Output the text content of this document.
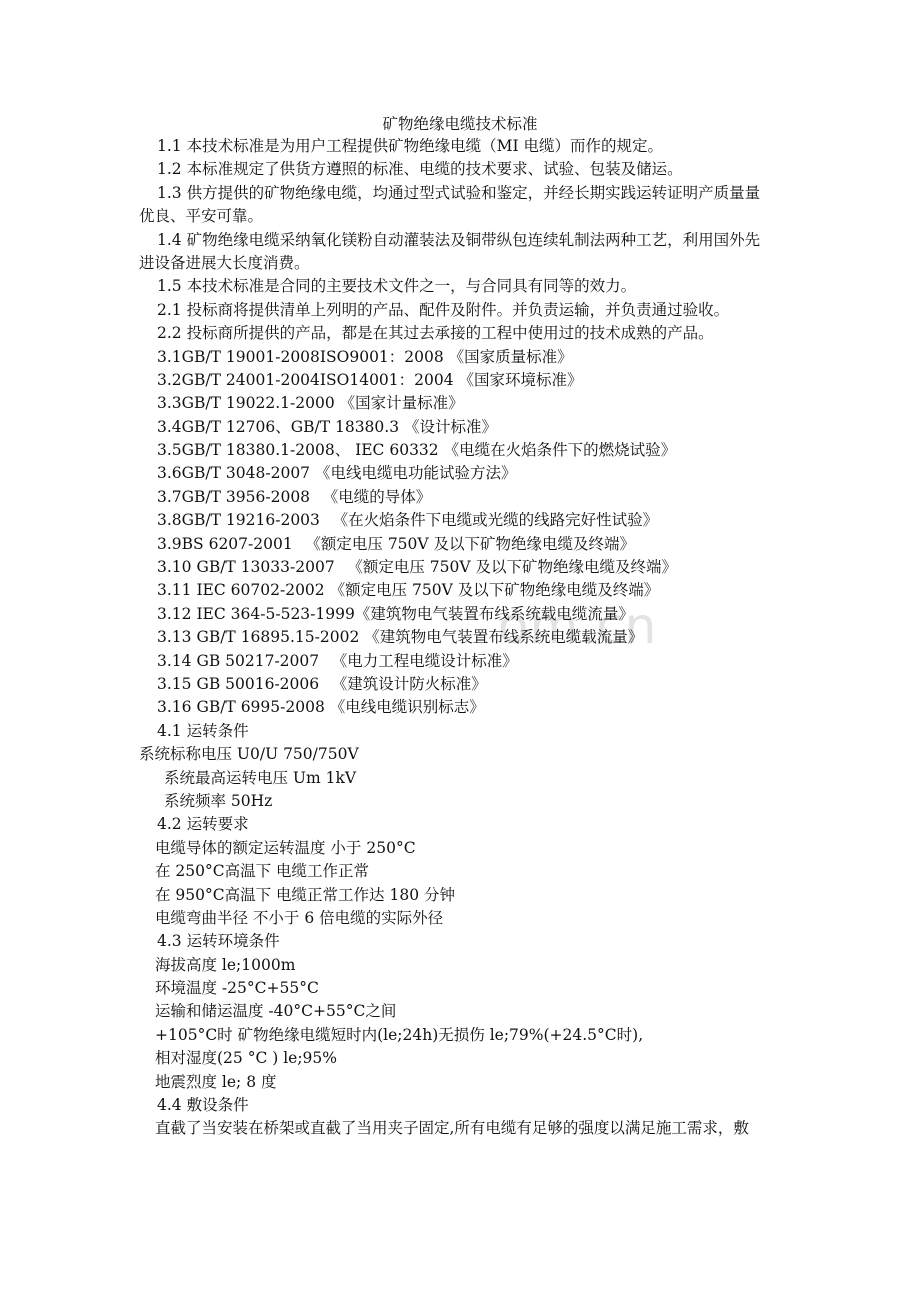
om.cn
矿物绝缘电缆技术标准
1.1 本技术标准是为用户工程提供矿物绝缘电缆（MI 电缆）而作的规定。
1.2 本标准规定了供货方遵照的标准、电缆的技术要求、试验、包装及储运。
1.3 供方提供的矿物绝缘电缆，均通过型式试验和鉴定，并经长期实践运转证明产质量量
优良、平安可靠。
1.4 矿物绝缘电缆采纳氧化镁粉自动灌装法及铜带纵包连续轧制法两种工艺，利用国外先
进设备进展大长度消费。
1.5 本技术标准是合同的主要技术文件之一，与合同具有同等的效力。
2.1 投标商将提供清单上列明的产品、配件及附件。并负责运输，并负责通过验收。
2.2 投标商所提供的产品，都是在其过去承接的工程中使用过的技术成熟的产品。
3.1GB/T 19001-2008ISO9001：2008 《国家质量标准》
3.2GB/T 24001-2004ISO14001：2004 《国家环境标准》
3.3GB/T 19022.1-2000 《国家计量标准》
3.4GB/T 12706、GB/T 18380.3 《设计标准》
3.5GB/T 18380.1-2008、 IEC 60332 《电缆在火焰条件下的燃烧试验》
3.6GB/T 3048-2007 《电线电缆电功能试验方法》
3.7GB/T 3956-2008 　《电缆的导体》
3.8GB/T 19216-2003 　《在火焰条件下电缆或光缆的线路完好性试验》
3.9BS 6207-2001 　《额定电压 750V 及以下矿物绝缘电缆及终端》
3.10 GB/T 13033-2007 　《额定电压 750V 及以下矿物绝缘电缆及终端》
3.11 IEC 60702-2002 《额定电压 750V 及以下矿物绝缘电缆及终端》
3.12 IEC 364-5-523-1999《建筑物电气装置布线系统载电缆流量》
3.13 GB/T 16895.15-2002 《建筑物电气装置布线系统电缆载流量》
3.14 GB 50217-2007 　《电力工程电缆设计标准》
3.15 GB 50016-2006 　《建筑设计防火标准》
3.16 GB/T 6995-2008 《电线电缆识别标志》
4.1 运转条件
系统标称电压 U0/U 750/750V
系统最高运转电压 Um 1kV
系统频率 50Hz
4.2 运转要求
电缆导体的额定运转温度 小于 250°C
在 250°C高温下 电缆工作正常
在 950°C高温下 电缆正常工作达 180 分钟
电缆弯曲半径 不小于 6 倍电缆的实际外径
4.3 运转环境条件
海拔高度 le;1000m
环境温度 -25°C+55°C
运输和储运温度 -40°C+55°C之间
+105°C时 矿物绝缘电缆短时内(le;24h)无损伤 le;79%(+24.5°C时),
相对湿度(25 °C ) le;95%
地震烈度 le; 8 度
4.4 敷设条件
直截了当安装在桥架或直截了当用夹子固定,所有电缆有足够的强度以满足施工需求，敷
